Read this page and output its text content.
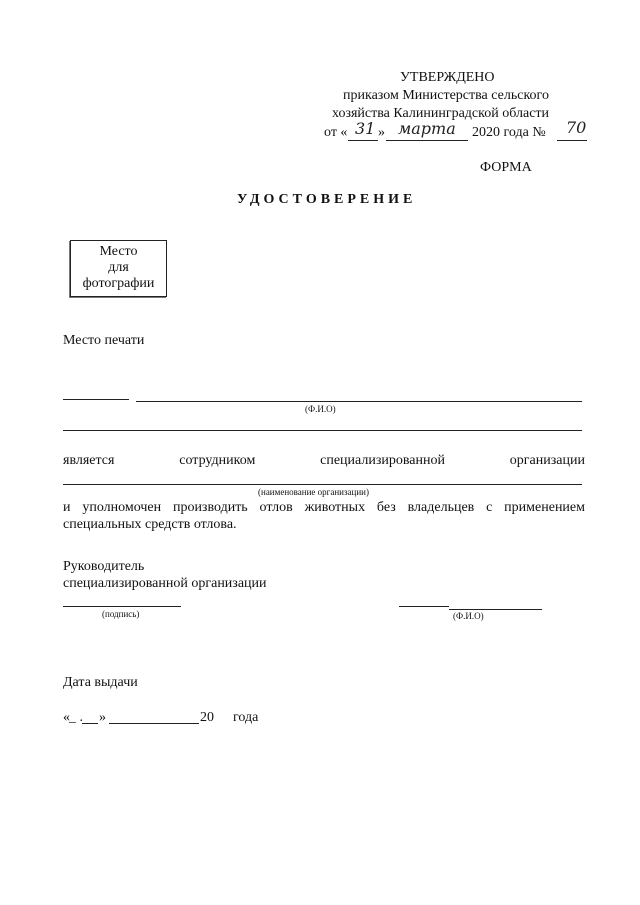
УТВЕРЖДЕНО
приказом Министерства сельского
хозяйства Калининградской области
от « 31 » марта 2020 года № 70
ФОРМА
УДОСТОВЕРЕНИЕ
Место
для
фотографии
Место печати
(Ф.И.О)
является	сотрудником	специализированной	организации
(наименование организации)
и уполномочен производить отлов животных без владельцев с применением
специальных средств отлова.
Руководитель
специализированной организации
(подпись)	(Ф.И.О)
Дата выдачи
« _ . »	20 года
